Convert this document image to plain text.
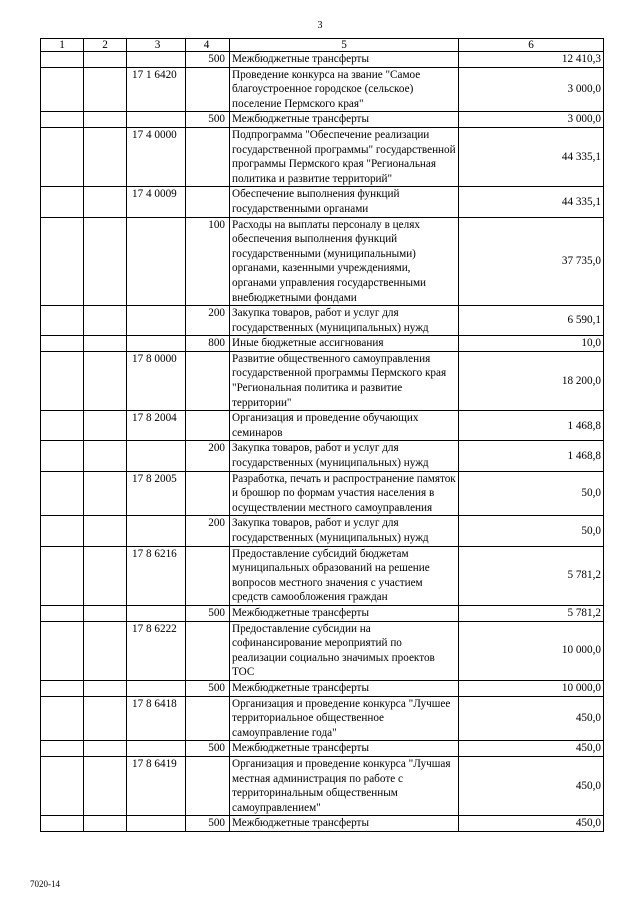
3
1	2	3	4	5	6
			500	Межбюджетные трансферты	12 410,3
		17 1 6420		Проведение конкурса на звание "Самое благоустроенное городское (сельское) поселение Пермского края"	3 000,0
			500	Межбюджетные трансферты	3 000,0
		17 4 0000		Подпрограмма "Обеспечение реализации государственной программы" государственной программы Пермского края "Региональная политика и развитие территорий"	44 335,1
		17 4 0009		Обеспечение выполнения функций государственными органами	44 335,1
			100	Расходы на выплаты персоналу в целях обеспечения выполнения функций государственными (муниципальными) органами, казенными учреждениями, органами управления государственными внебюджетными фондами	37 735,0
			200	Закупка товаров, работ и услуг для государственных (муниципальных) нужд	6 590,1
			800	Иные бюджетные ассигнования	10,0
		17 8 0000		Развитие общественного самоуправления государственной программы Пермского края "Региональная политика и развитие территории"	18 200,0
		17 8 2004		Организация и проведение обучающих семинаров	1 468,8
			200	Закупка товаров, работ и услуг для государственных (муниципальных) нужд	1 468,8
		17 8 2005		Разработка, печать и распространение памяток и брошюр по формам участия населения в осуществлении местного самоуправления	50,0
			200	Закупка товаров, работ и услуг для государственных (муниципальных) нужд	50,0
		17 8 6216		Предоставление субсидий бюджетам муниципальных образований на решение вопросов местного значения с участием средств самообложения граждан	5 781,2
			500	Межбюджетные трансферты	5 781,2
		17 8 6222		Предоставление субсидии на софинансирование мероприятий по реализации социально значимых проектов ТОС	10 000,0
			500	Межбюджетные трансферты	10 000,0
		17 8 6418		Организация и проведение конкурса "Лучшее территориальное общественное самоуправление года"	450,0
			500	Межбюджетные трансферты	450,0
		17 8 6419		Организация и проведение конкурса "Лучшая местная администрация по работе с территоринальным общественным самоуправлением"	450,0
			500	Межбюджетные трансферты	450,0
7020-14
